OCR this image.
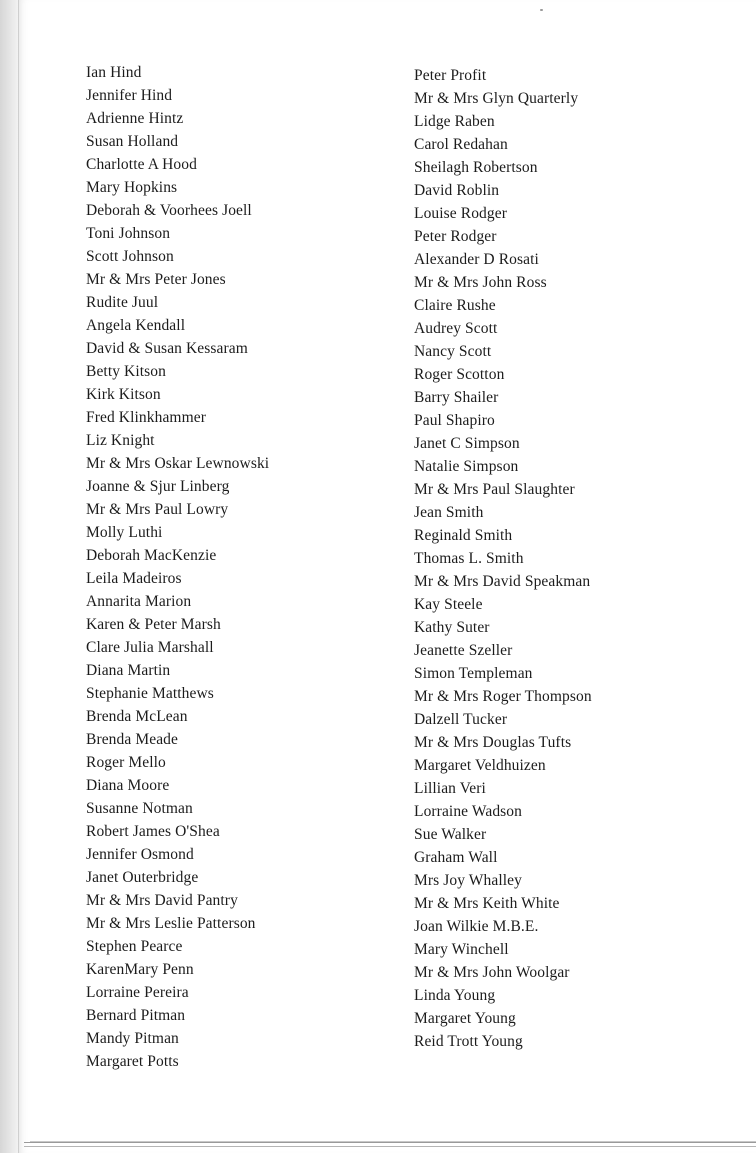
Ian Hind
Jennifer Hind
Adrienne Hintz
Susan Holland
Charlotte A Hood
Mary Hopkins
Deborah & Voorhees Joell
Toni Johnson
Scott Johnson
Mr & Mrs Peter Jones
Rudite Juul
Angela Kendall
David & Susan Kessaram
Betty Kitson
Kirk Kitson
Fred Klinkhammer
Liz Knight
Mr & Mrs Oskar Lewnowski
Joanne & Sjur Linberg
Mr & Mrs Paul Lowry
Molly Luthi
Deborah MacKenzie
Leila Madeiros
Annarita Marion
Karen & Peter Marsh
Clare Julia Marshall
Diana Martin
Stephanie Matthews
Brenda McLean
Brenda Meade
Roger Mello
Diana Moore
Susanne Notman
Robert James O'Shea
Jennifer Osmond
Janet Outerbridge
Mr & Mrs David Pantry
Mr & Mrs Leslie Patterson
Stephen Pearce
KarenMary Penn
Lorraine Pereira
Bernard Pitman
Mandy Pitman
Margaret Potts
Peter Profit
Mr & Mrs Glyn Quarterly
Lidge Raben
Carol Redahan
Sheilagh Robertson
David Roblin
Louise Rodger
Peter Rodger
Alexander D Rosati
Mr & Mrs John Ross
Claire Rushe
Audrey Scott
Nancy Scott
Roger Scotton
Barry Shailer
Paul Shapiro
Janet C Simpson
Natalie Simpson
Mr & Mrs Paul Slaughter
Jean Smith
Reginald Smith
Thomas L. Smith
Mr & Mrs David Speakman
Kay Steele
Kathy Suter
Jeanette Szeller
Simon Templeman
Mr & Mrs Roger Thompson
Dalzell Tucker
Mr & Mrs Douglas Tufts
Margaret Veldhuizen
Lillian Veri
Lorraine Wadson
Sue Walker
Graham Wall
Mrs Joy Whalley
Mr & Mrs Keith White
Joan Wilkie M.B.E.
Mary Winchell
Mr & Mrs John Woolgar
Linda Young
Margaret Young
Reid Trott Young
